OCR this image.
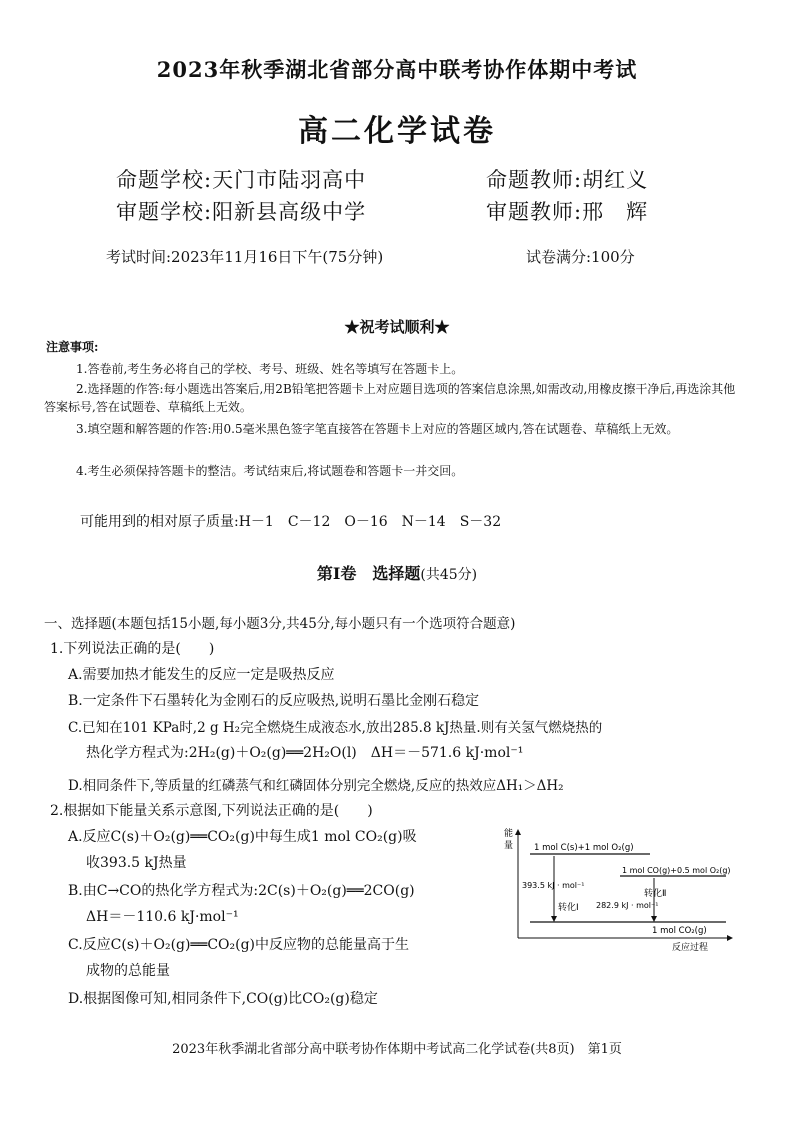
2023年秋季湖北省部分高中联考协作体期中考试
高二化学试卷
命题学校:天门市陆羽高中	命题教师:胡红义
审题学校:阳新县高级中学	审题教师:邢　辉
考试时间:2023年11月16日下午(75分钟)	试卷满分:100分
★祝考试顺利★
注意事项:
1.答卷前,考生务必将自己的学校、考号、班级、姓名等填写在答题卡上。
2.选择题的作答:每小题选出答案后,用2B铅笔把答题卡上对应题目选项的答案信息涂黑,如需改动,用橡皮擦干净后,再选涂其他答案标号,答在试题卷、草稿纸上无效。
3.填空题和解答题的作答:用0.5毫米黑色签字笔直接答在答题卡上对应的答题区域内,答在试题卷、草稿纸上无效。
4.考生必须保持答题卡的整洁。考试结束后,将试题卷和答题卡一并交回。
可能用到的相对原子质量:H－1　C－12　O－16　N－14　S－32
第Ⅰ卷　选择题(共45分)
一、选择题(本题包括15小题,每小题3分,共45分,每小题只有一个选项符合题意)
1.下列说法正确的是(　　)
A.需要加热才能发生的反应一定是吸热反应
B.一定条件下石墨转化为金刚石的反应吸热,说明石墨比金刚石稳定
C.已知在101 KPa时,2 g H₂完全燃烧生成液态水,放出285.8 kJ热量.则有关氢气燃烧热的
热化学方程式为:2H₂(g)＋O₂(g)══2H₂O(l)　ΔH＝－571.6 kJ·mol⁻¹
D.相同条件下,等质量的红磷蒸气和红磷固体分别完全燃烧,反应的热效应ΔH₁＞ΔH₂
2.根据如下能量关系示意图,下列说法正确的是(　　)
A.反应C(s)＋O₂(g)══CO₂(g)中每生成1 mol CO₂(g)吸
收393.5 kJ热量
B.由C→CO的热化学方程式为:2C(s)＋O₂(g)══2CO(g)
ΔH＝－110.6 kJ·mol⁻¹
C.反应C(s)＋O₂(g)══CO₂(g)中反应物的总能量高于生
成物的总能量
D.根据图像可知,相同条件下,CO(g)比CO₂(g)稳定
能
量
反应过程
1 mol C(s)+1 mol O₂(g)
1 mol CO(g)+0.5 mol O₂(g)
1 mol CO₂(g)
393.5 kJ · mol⁻¹
转化Ⅰ
转化Ⅱ
282.9 kJ · mol⁻¹
2023年秋季湖北省部分高中联考协作体期中考试高二化学试卷(共8页)　第1页
